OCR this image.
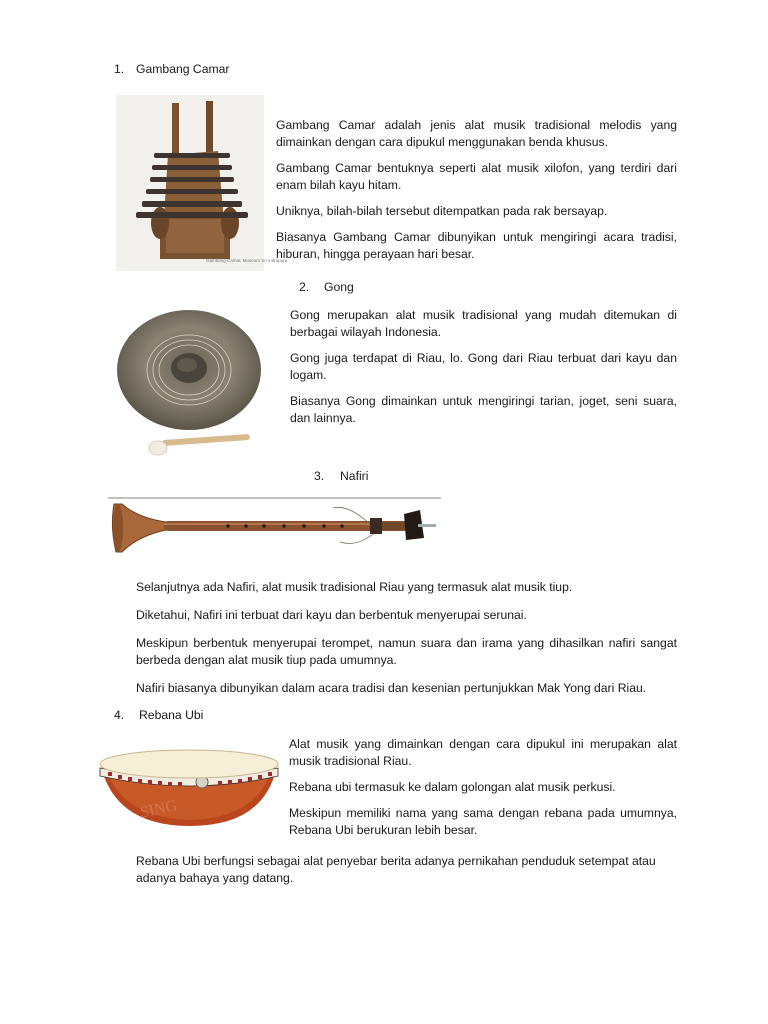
1. Gambang Camar
Gambang Camar, Museum Sri Indrapura

Gambang Camar adalah jenis alat musik tradisional melodis yang dimainkan dengan cara dipukul menggunakan benda khusus.

Gambang Camar bentuknya seperti alat musik xilofon, yang terdiri dari enam bilah kayu hitam.

Uniknya, bilah-bilah tersebut ditempatkan pada rak bersayap.

Biasanya Gambang Camar dibunyikan untuk mengiringi acara tradisi, hiburan, hingga perayaan hari besar.

2. Gong

Gong merupakan alat musik tradisional yang mudah ditemukan di berbagai wilayah Indonesia.

Gong juga terdapat di Riau, lo. Gong dari Riau terbuat dari kayu dan logam.

Biasanya Gong dimainkan untuk mengiringi tarian, joget, seni suara, dan lainnya.

3. Nafiri

Selanjutnya ada Nafiri, alat musik tradisional Riau yang termasuk alat musik tiup.

Diketahui, Nafiri ini terbuat dari kayu dan berbentuk menyerupai serunai.

Meskipun berbentuk menyerupai terompet, namun suara dan irama yang dihasilkan nafiri sangat berbeda dengan alat musik tiup pada umumnya.

Nafiri biasanya dibunyikan dalam acara tradisi dan kesenian pertunjukkan Mak Yong dari Riau.

4. Rebana Ubi
SING

Alat musik yang dimainkan dengan cara dipukul ini merupakan alat musik tradisional Riau.

Rebana ubi termasuk ke dalam golongan alat musik perkusi.

Meskipun memiliki nama yang sama dengan rebana pada umumnya, Rebana Ubi berukuran lebih besar.

Rebana Ubi berfungsi sebagai alat penyebar berita adanya pernikahan penduduk setempat atau adanya bahaya yang datang.
